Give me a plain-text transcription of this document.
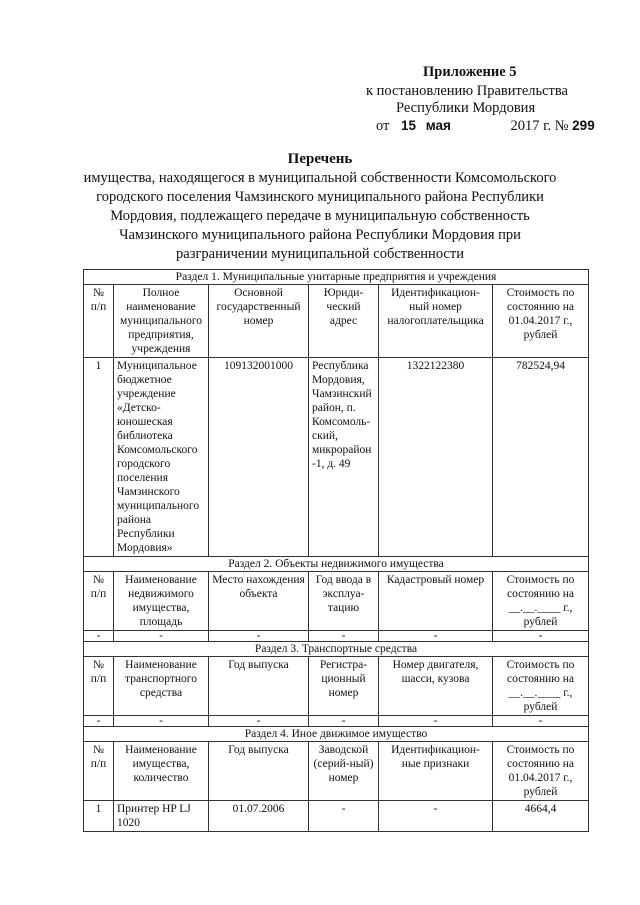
Приложение 5
к постановлению Правительства
Республики Мордовия
от 15 мая	2017 г. № 299
Перечень
имущества, находящегося в муниципальной собственности Комсомольского
городского поселения Чамзинского муниципального района Республики
Мордовия, подлежащего передаче в муниципальную собственность
Чамзинского муниципального района Республики Мордовия при
разграничении муниципальной собственности
Раздел 1. Муниципальные унитарные предприятия и учреждения					
№ п/п	Полное наименование муниципального предприятия, учреждения	Основной государственный номер	Юриди-ческий адрес	Идентификацион-ный номер налогоплательщика	Стоимость по состоянию на 01.04.2017 г., рублей
1	Муниципальное бюджетное учреждение «Детско-юношеская библиотека Комсомольского городского поселения Чамзинского муниципального района Республики Мордовия»	109132001000	Республика Мордовия, Чамзинский район, п. Комсомоль-ский, микрорайон -1, д. 49	1322122380	782524,94
Раздел 2. Объекты недвижимого имущества					
№ п/п	Наименование недвижимого имущества, площадь	Место нахождения объекта	Год ввода в эксплуа-тацию	Кадастровый номер	Стоимость по состоянию на __.__.____ г., рублей
-	-	-	-	-	-
Раздел 3. Транспортные средства					
№ п/п	Наименование транспортного средства	Год выпуска	Регистра-ционный номер	Номер двигателя, шасси, кузова	Стоимость по состоянию на __.__.____ г., рублей
-	-	-	-	-	-
Раздел 4. Иное движимое имущество					
№ п/п	Наименование имущества, количество	Год выпуска	Заводской (серий-ный) номер	Идентификацион-ные признаки	Стоимость по состоянию на 01.04.2017 г., рублей
1	Принтер HP LJ 1020	01.07.2006	-	-	4664,4
